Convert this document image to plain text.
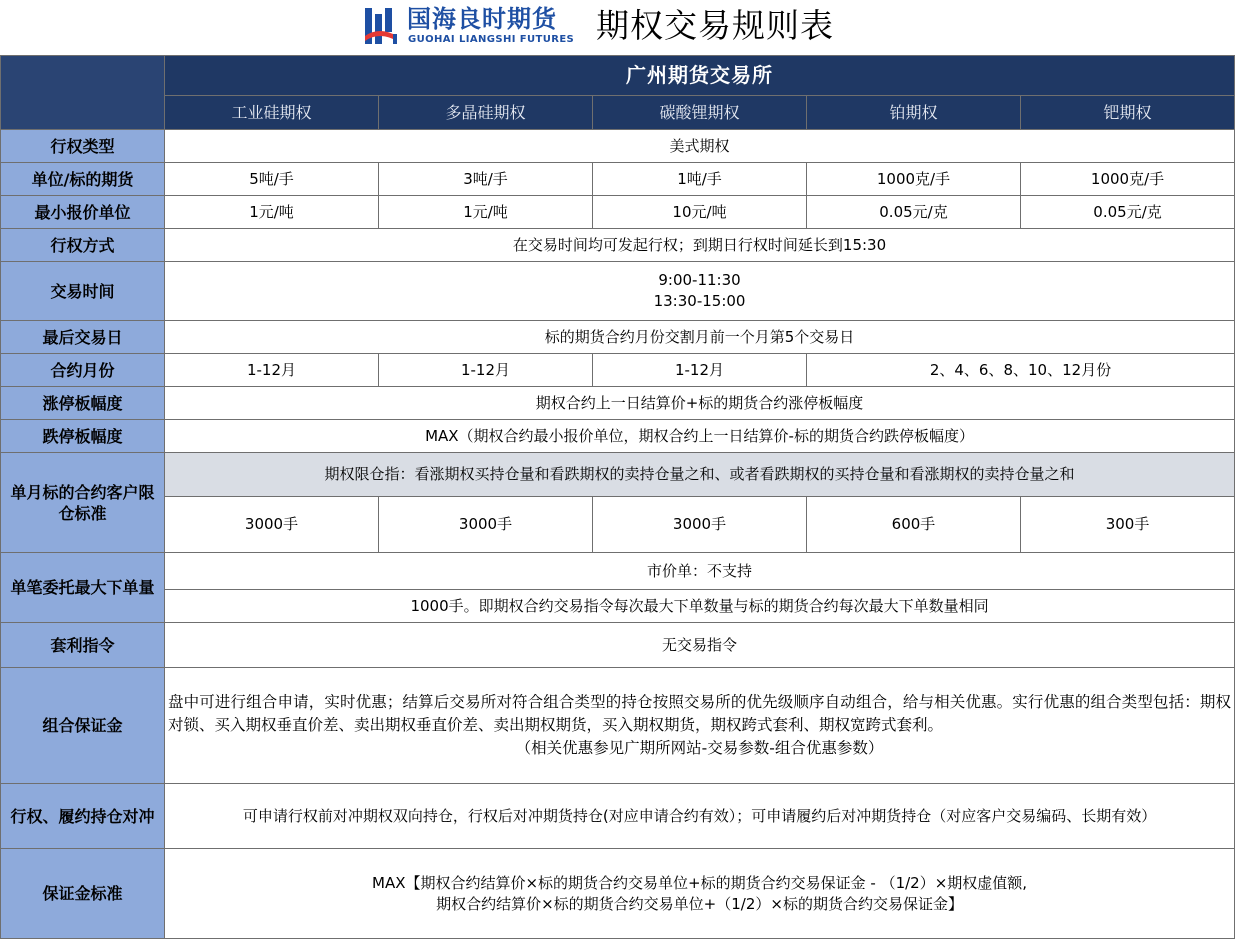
国海良时期货
GUOHAI LIANGSHI FUTURES 期权交易规则表
	广州期货交易所				
	工业硅期权	多晶硅期权	碳酸锂期权	铂期权	钯期权
行权类型	美式期权				
单位/标的期货	5吨/手	3吨/手	1吨/手	1000克/手	1000克/手
最小报价单位	1元/吨	1元/吨	10元/吨	0.05元/克	0.05元/克
行权方式	在交易时间均可发起行权；到期日行权时间延长到15:30				
交易时间	9:00-11:30
13:30-15:00				

最后交易日	标的期货合约月份交割月前一个月第5个交易日				
合约月份	1-12月	1-12月	1-12月	2、4、6、8、10、12月份	
涨停板幅度	期权合约上一日结算价+标的期货合约涨停板幅度				
跌停板幅度	MAX（期权合约最小报价单位，期权合约上一日结算价-标的期货合约跌停板幅度）				
单月标的合约客户限仓标准	期权限仓指：看涨期权买持仓量和看跌期权的卖持仓量之和、或者看跌期权的买持仓量和看涨期权的卖持仓量之和				
	3000手	3000手	3000手	600手	300手
单笔委托最大下单量	市价单：不支持				
	1000手。即期权合约交易指令每次最大下单数量与标的期货合约每次最大下单数量相同				
套利指令	无交易指令				
组合保证金	盘中可进行组合申请，实时优惠；结算后交易所对符合组合类型的持仓按照交易所的优先级顺序自动组合，给与相关优惠。实行优惠的组合类型包括：期权对锁、买入期权垂直价差、卖出期权垂直价差、卖出期权期货，买入期权期货，期权跨式套利、期权宽跨式套利。
（相关优惠参见广期所网站-交易参数-组合优惠参数）				

行权、履约持仓对冲	可申请行权前对冲期权双向持仓，行权后对冲期货持仓(对应申请合约有效）；可申请履约后对冲期货持仓（对应客户交易编码、长期有效）				
保证金标准	MAX【期权合约结算价×标的期货合约交易单位+标的期货合约交易保证金 - （1/2）×期权虚值额,
期权合约结算价×标的期货合约交易单位+（1/2）×标的期货合约交易保证金】				
